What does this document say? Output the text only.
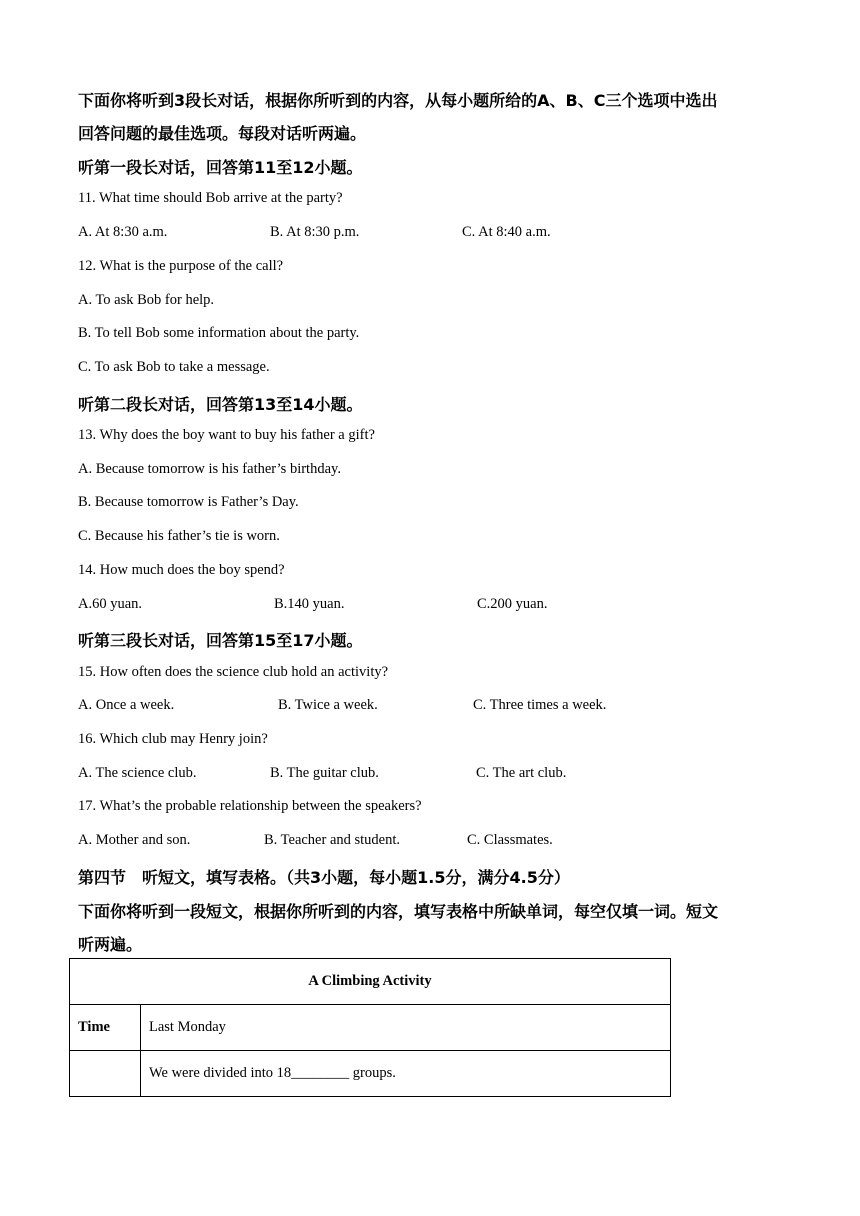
下面你将听到3段长对话，根据你所听到的内容，从每小题所给的A、B、C三个选项中选出
回答问题的最佳选项。每段对话听两遍。
听第一段长对话，回答第11至12小题。
11. What time should Bob arrive at the party?
A. At 8:30 a.m.	B. At 8:30 p.m.	C. At 8:40 a.m.
12. What is the purpose of the call?
A. To ask Bob for help.
B. To tell Bob some information about the party.
C. To ask Bob to take a message.
听第二段长对话，回答第13至14小题。
13. Why does the boy want to buy his father a gift?
A. Because tomorrow is his father’s birthday.
B. Because tomorrow is Father’s Day.
C. Because his father’s tie is worn.
14. How much does the boy spend?
A.60 yuan.	B.140 yuan.	C.200 yuan.
听第三段长对话，回答第15至17小题。
15. How often does the science club hold an activity?
A. Once a week.	B. Twice a week.	C. Three times a week.
16. Which club may Henry join?
A. The science club.	B. The guitar club.	C. The art club.
17. What’s the probable relationship between the speakers?
A. Mother and son.	B. Teacher and student.	C. Classmates.
第四节　听短文，填写表格。（共3小题，每小题1.5分，满分4.5分）
下面你将听到一段短文，根据你所听到的内容，填写表格中所缺单词，每空仅填一词。短文
听两遍。
A Climbing Activity	
Time	Last Monday
	We were divided into 18________ groups.
